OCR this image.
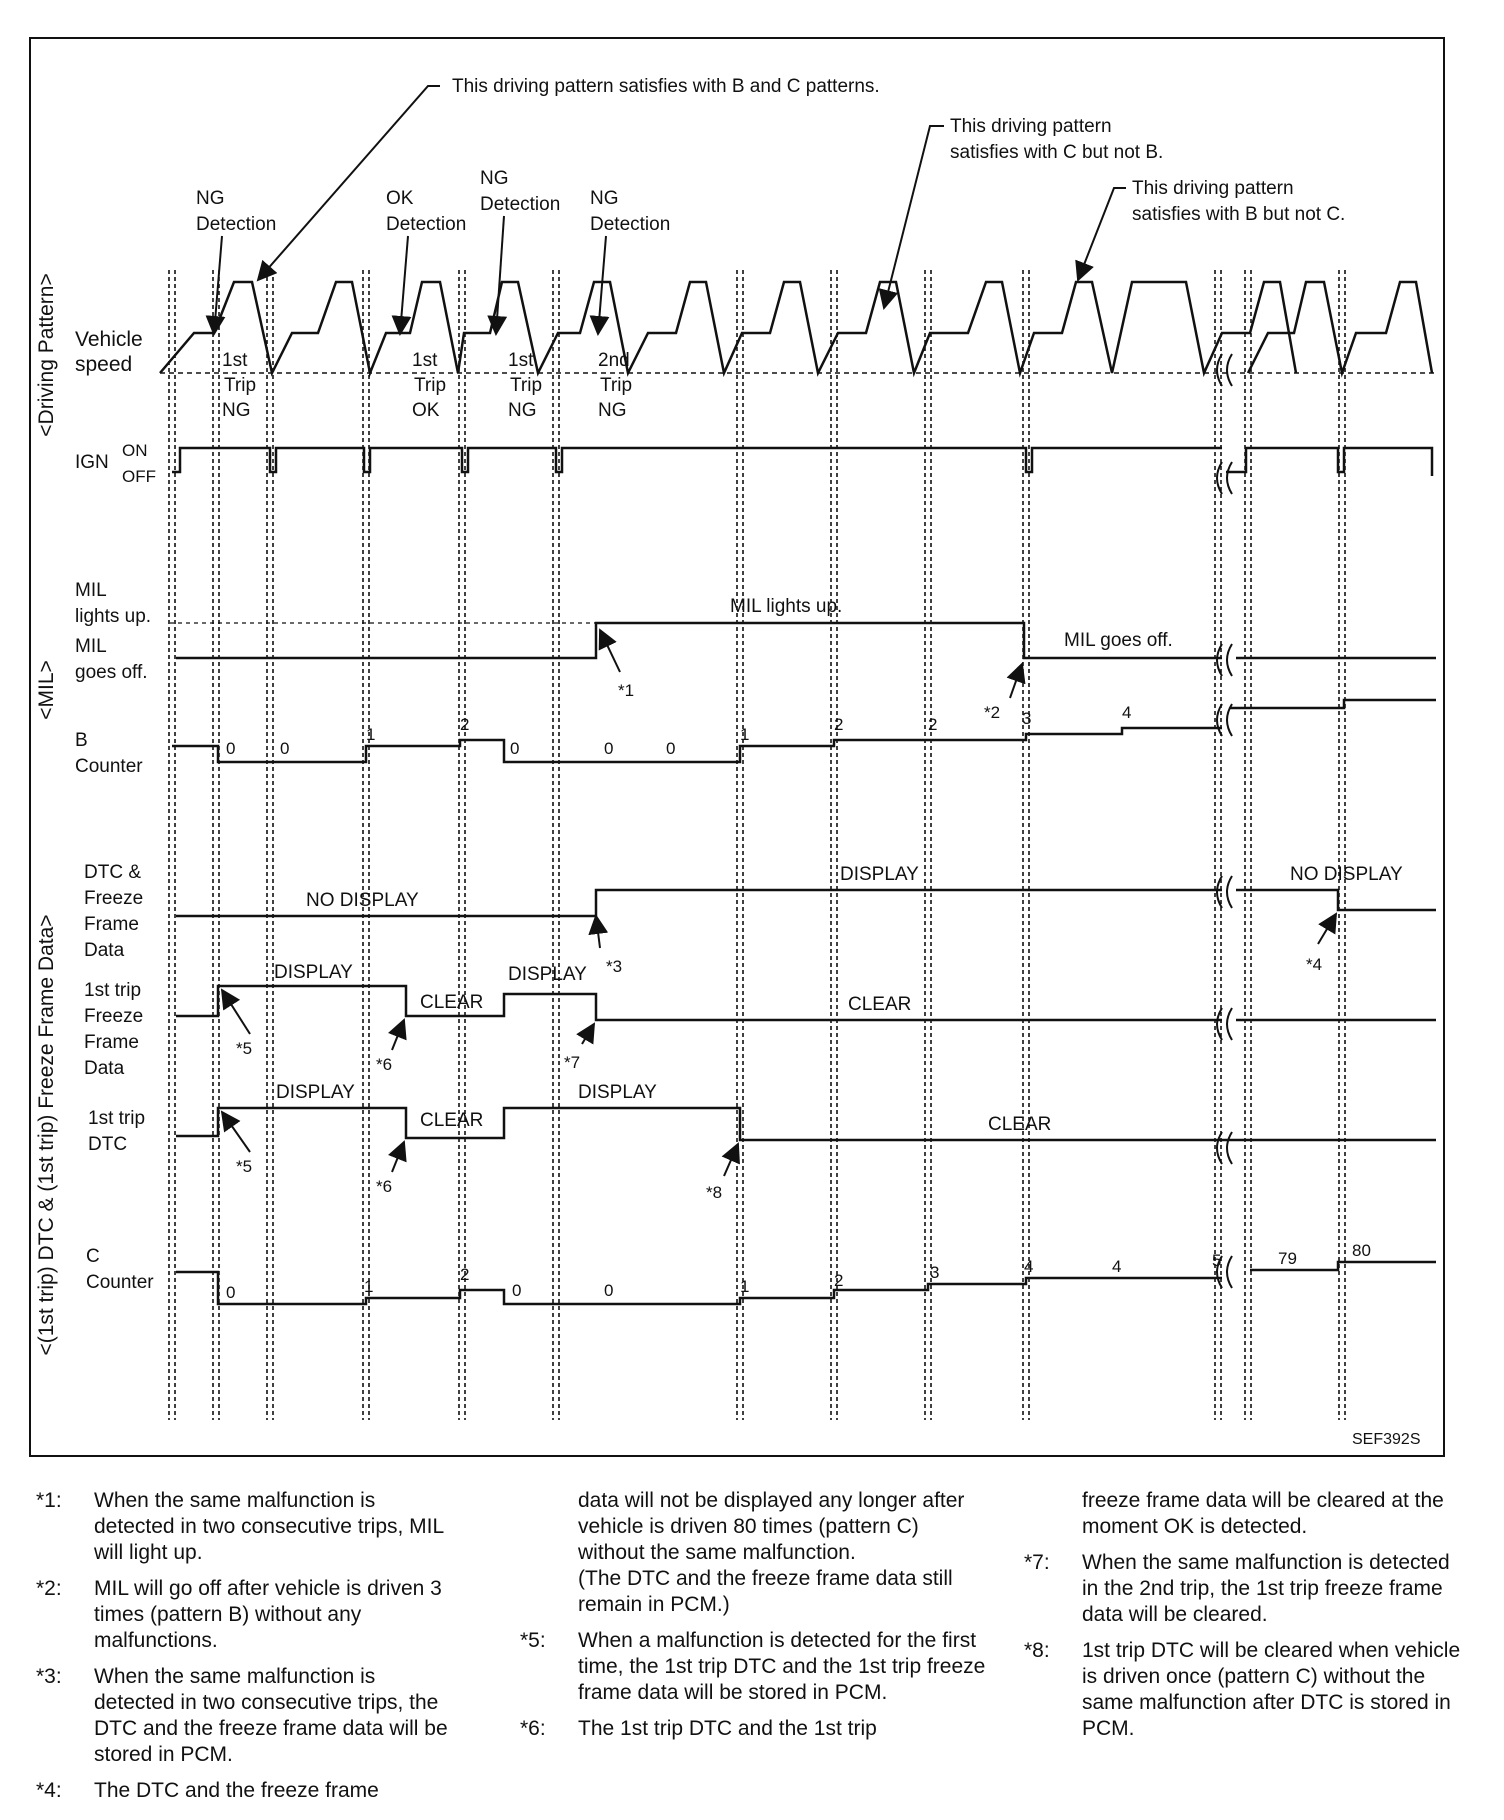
<Driving Pattern>
<MIL>
<(1st trip) DTC & (1st trip) Freeze Frame Data>
Vehicle
speed	1st
Trip
NG
1st
Trip
OK
1st
Trip
NG
2nd
Trip
NG
NG
Detection
OK
Detection
NG
Detection NG
Detection
This driving pattern satisfies with B and C patterns.
This driving pattern
satisfies with C but not B.
This driving pattern
satisfies with B but not C.
IGN
ON
OFF
MIL
lights up.
MIL
goes off.
MIL lights up.
MIL goes off.
*1
*2
B
Counter
0	0
1
2
0	0	0
1
2	2	3	4
DTC &
Freeze
Frame
Data
NO DISPLAY
DISPLAY	NO DISPLAY
*3	*4
1st trip
Freeze
Frame
Data
DISPLAY
CLEAR
DISPLAY
CLEAR
*5
*6	*7
1st trip
DTC
DISPLAY
CLEAR
DISPLAY
CLEAR
*5
*6	*8
C
Counter	0	1
2
0	0	1	2	3	4	4	5	79	80
SEF392S
*1: When the same malfunction is detected in two consecutive trips, MIL will light up.
*2: MIL will go off after vehicle is driven 3 times (pattern B) without any malfunctions.
*3: When the same malfunction is detected in two consecutive trips, the DTC and the freeze frame data will be stored in PCM.
*4: The DTC and the freeze frame
data will not be displayed any longer after vehicle is driven 80 times (pattern C) without the same malfunction.
(The DTC and the freeze frame data still remain in PCM.)
*5: When a malfunction is detected for the first time, the 1st trip DTC and the 1st trip freeze frame data will be stored in PCM.
*6: The 1st trip DTC and the 1st trip
freeze frame data will be cleared at the moment OK is detected.
*7: When the same malfunction is detected in the 2nd trip, the 1st trip freeze frame data will be cleared.
*8: 1st trip DTC will be cleared when vehicle is driven once (pattern C) without the same malfunction after DTC is stored in PCM.
